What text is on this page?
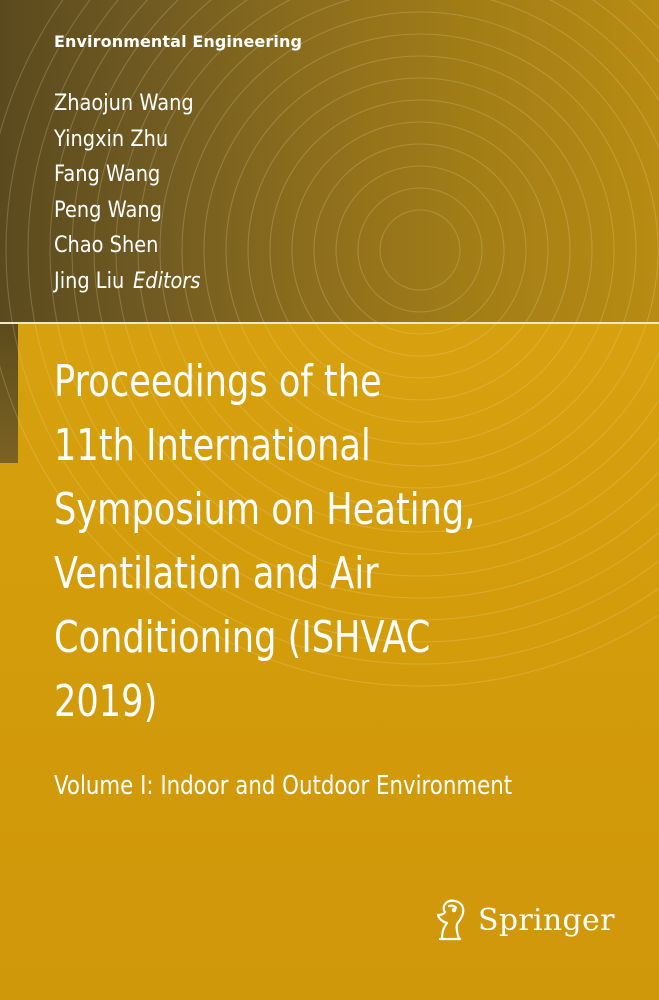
Environmental Engineering

Zhaojun Wang
Yingxin Zhu
Fang Wang
Peng Wang
Chao Shen
Jing Liu Editors
Proceedings of the
11th International
Symposium on Heating,
Ventilation and Air
Conditioning (ISHVAC
2019)

Volume I: Indoor and Outdoor Environment

Springer
